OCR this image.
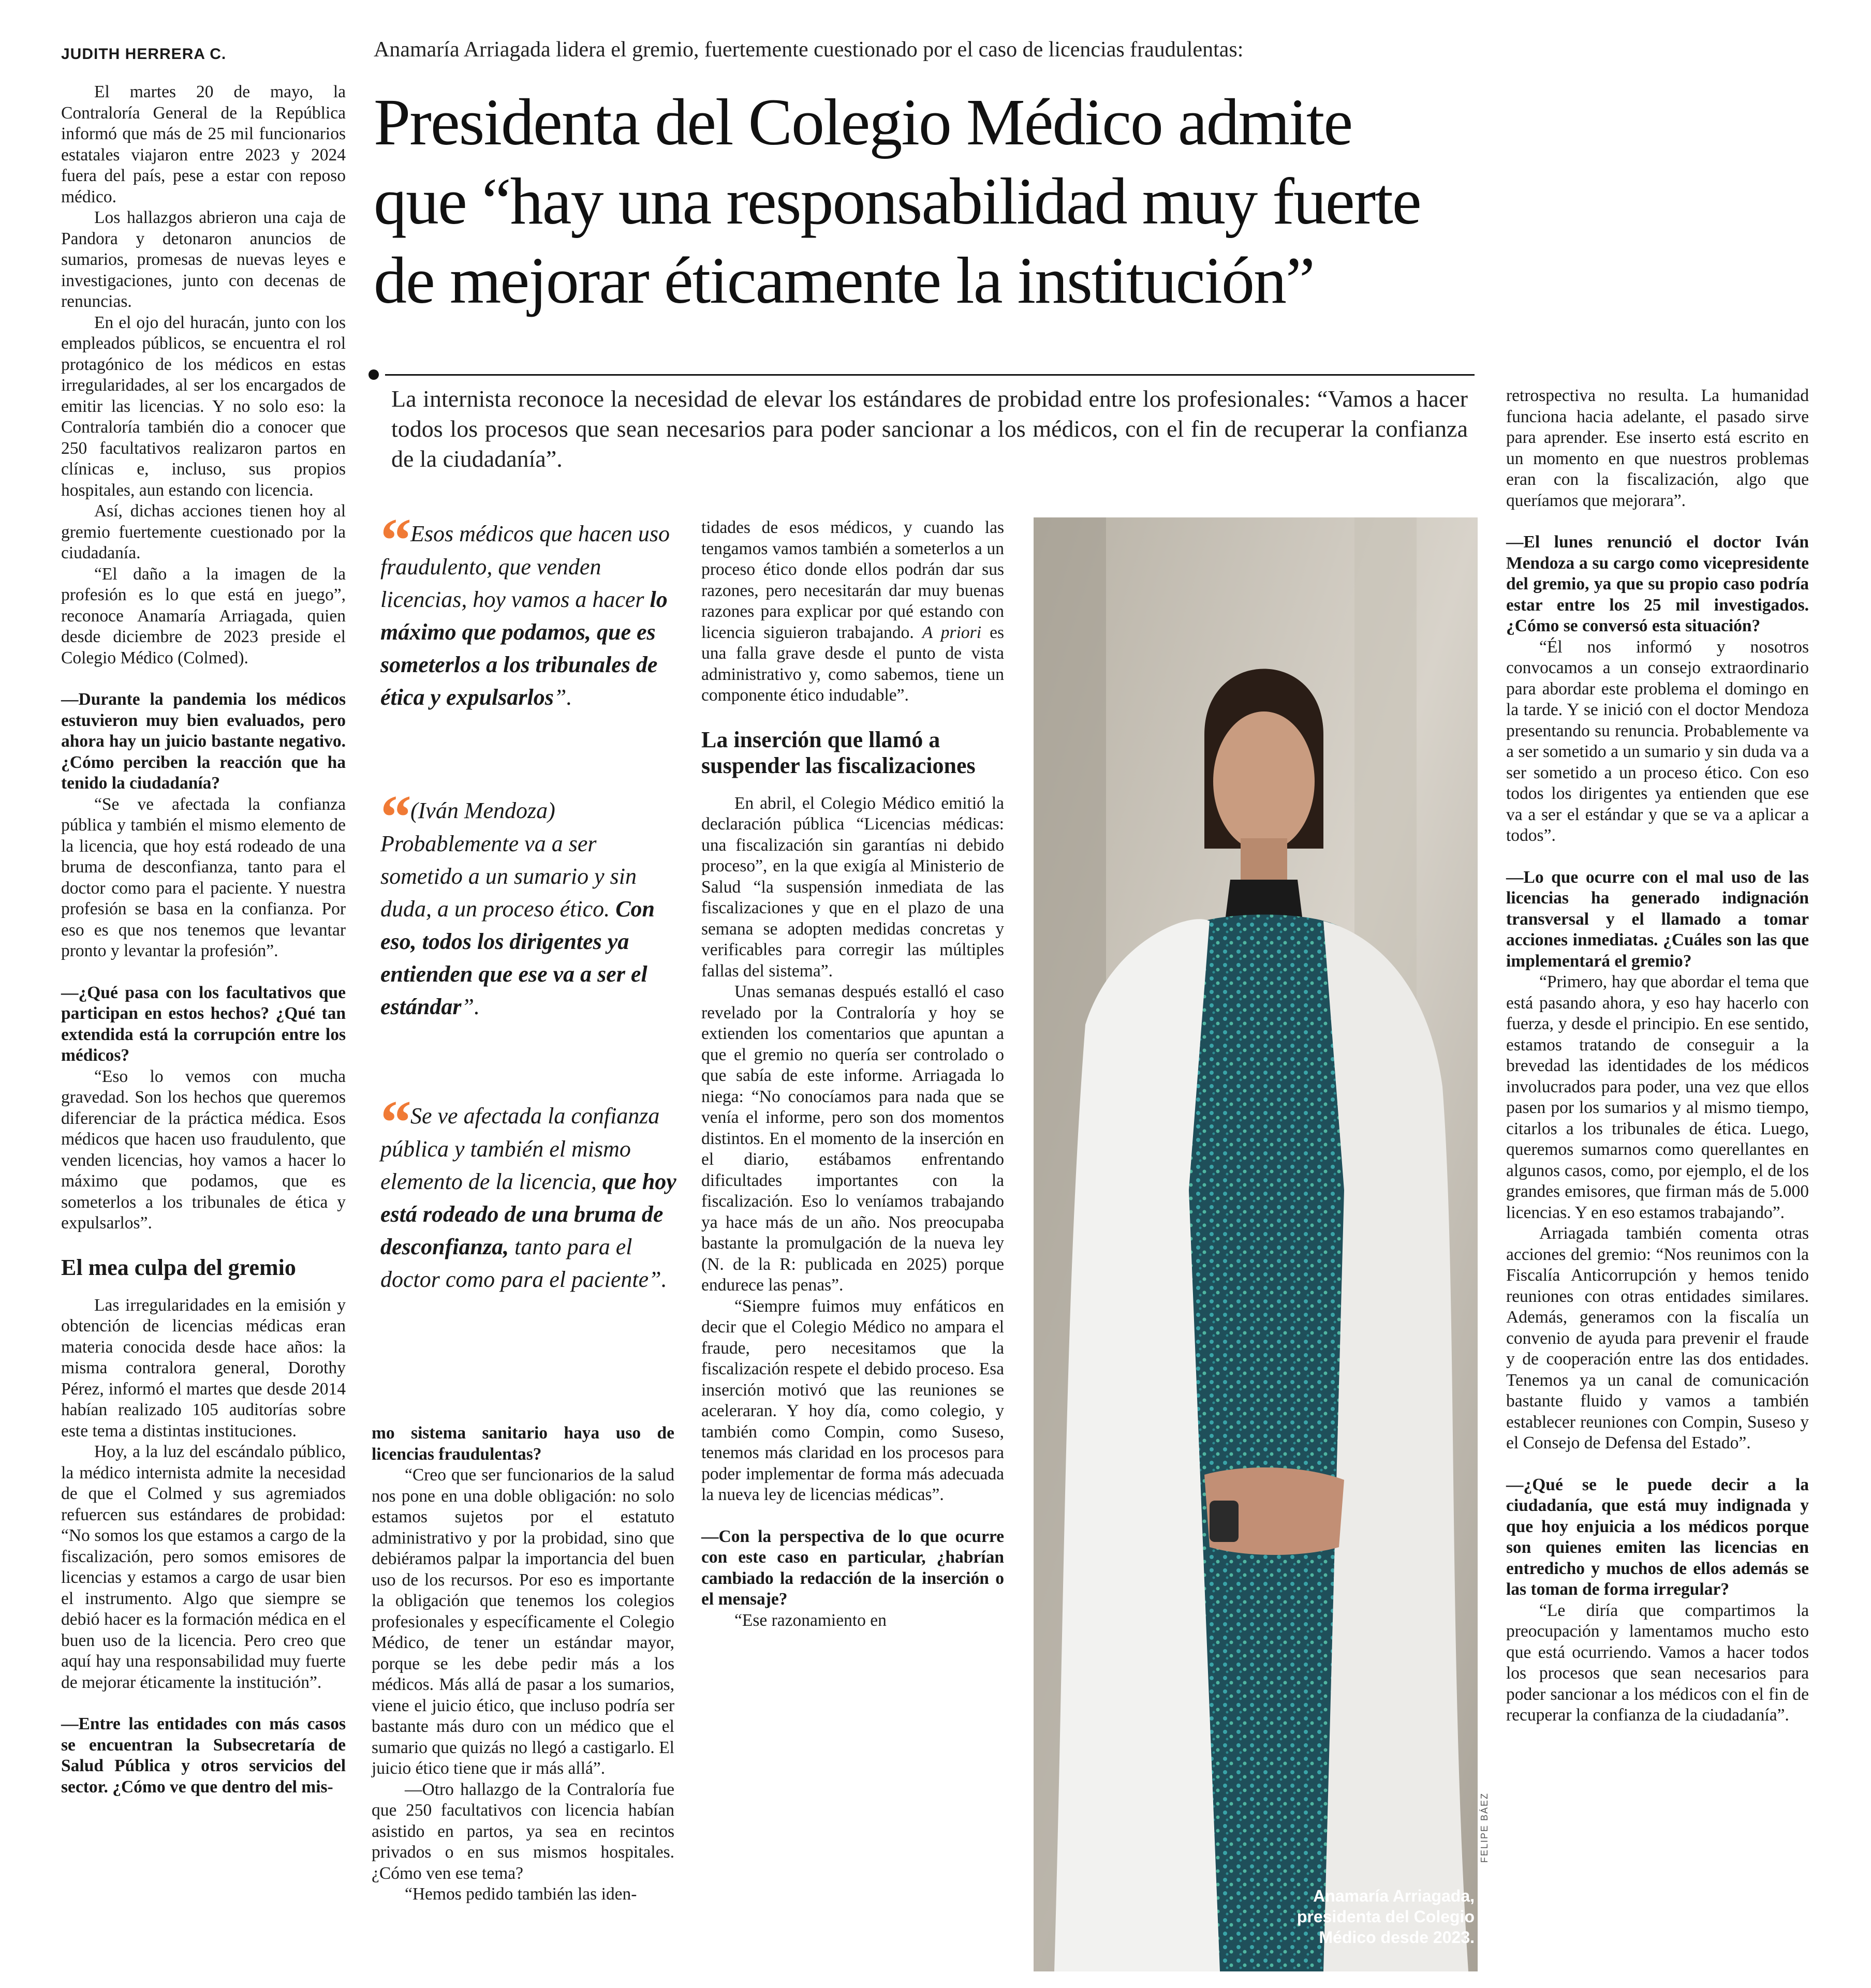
JUDITH HERRERA C.	Anamaría Arriagada lidera el gremio, fuertemente cuestionado por el caso de licencias fraudulentas:
Presidenta del Colegio Médico admite
que “hay una responsabilidad muy fuerte
de mejorar éticamente la institución”
La internista reconoce la necesidad de elevar los estándares de probidad entre los profesionales: “Vamos a hacer todos los procesos que sean necesarios para poder sancionar a los médicos, con el fin de recuperar la confianza de la ciudadanía”.

El martes 20 de mayo, la Contraloría General de la República informó que más de 25 mil funcionarios estatales viajaron entre 2023 y 2024 fuera del país, pese a estar con reposo médico.

Los hallazgos abrieron una caja de Pandora y detonaron anuncios de sumarios, promesas de nuevas leyes e investigaciones, junto con decenas de renuncias.

En el ojo del huracán, junto con los empleados públicos, se encuentra el rol protagónico de los médicos en estas irregularidades, al ser los encargados de emitir las licencias. Y no solo eso: la Contraloría también dio a conocer que 250 facultativos realizaron partos en clínicas e, incluso, sus propios hospitales, aun estando con licencia.

Así, dichas acciones tienen hoy al gremio fuertemente cuestionado por la ciudadanía.

“El daño a la imagen de la profesión es lo que está en juego”, reconoce Anamaría Arriagada, quien desde diciembre de 2023 preside el Colegio Médico (Colmed).

—Durante la pandemia los médicos estuvieron muy bien evaluados, pero ahora hay un juicio bastante negativo. ¿Cómo perciben la reacción que ha tenido la ciudadanía?

“Se ve afectada la confianza pública y también el mismo elemento de la licencia, que hoy está rodeado de una bruma de desconfianza, tanto para el doctor como para el paciente. Y nuestra profesión se basa en la confianza. Por eso es que nos tenemos que levantar pronto y levantar la profesión”.

—¿Qué pasa con los facultativos que participan en estos hechos? ¿Qué tan extendida está la corrupción entre los médicos?

“Eso lo vemos con mucha gravedad. Son los hechos que queremos diferenciar de la práctica médica. Esos médicos que hacen uso fraudulento, que venden licencias, hoy vamos a hacer lo máximo que podamos, que es someterlos a los tribunales de ética y expulsarlos”.

El mea culpa del gremio

Las irregularidades en la emisión y obtención de licencias médicas eran materia conocida desde hace años: la misma contralora general, Dorothy Pérez, informó el martes que desde 2014 habían realizado 105 auditorías sobre este tema a distintas instituciones.

Hoy, a la luz del escándalo público, la médico internista admite la necesidad de que el Colmed y sus agremiados refuercen sus estándares de probidad: “No somos los que estamos a cargo de la fiscalización, pero somos emisores de licencias y estamos a cargo de usar bien el instrumento. Algo que siempre se debió hacer es la formación médica en el buen uso de la licencia. Pero creo que aquí hay una responsabilidad muy fuerte de mejorar éticamente la institución”.

—Entre las entidades con más casos se encuentran la Subsecretaría de Salud Pública y otros servicios del sector. ¿Cómo ve que dentro del mis-

“ Esos médicos que hacen uso fraudulento, que venden licencias, hoy vamos a hacer lo máximo que podamos, que es someterlos a los tribunales de ética y expulsarlos”.
“ (Iván Mendoza) Probablemente va a ser sometido a un sumario y sin duda, a un proceso ético. Con eso, todos los dirigentes ya entienden que ese va a ser el estándar”.
“ Se ve afectada la confianza pública y también el mismo elemento de la licencia, que hoy está rodeado de una bruma de desconfianza, tanto para el doctor como para el paciente”.

mo sistema sanitario haya uso de licencias fraudulentas?

“Creo que ser funcionarios de la salud nos pone en una doble obligación: no solo estamos sujetos por el estatuto administrativo y por la probidad, sino que debiéramos palpar la importancia del buen uso de los recursos. Por eso es importante la obligación que tenemos los colegios profesionales y específicamente el Colegio Médico, de tener un estándar mayor, porque se les debe pedir más a los médicos. Más allá de pasar a los sumarios, viene el juicio ético, que incluso podría ser bastante más duro con un médico que el sumario que quizás no llegó a castigarlo. El juicio ético tiene que ir más allá”.

—Otro hallazgo de la Contraloría fue que 250 facultativos con licencia habían asistido en partos, ya sea en recintos privados o en sus mismos hospitales. ¿Cómo ven ese tema?

“Hemos pedido también las iden-

tidades de esos médicos, y cuando las tengamos vamos también a someterlos a un proceso ético donde ellos podrán dar sus razones, pero necesitarán dar muy buenas razones para explicar por qué estando con licencia siguieron trabajando. A priori es una falla grave desde el punto de vista administrativo y, como sabemos, tiene un componente ético indudable”.

La inserción que llamó a suspender las fiscalizaciones

En abril, el Colegio Médico emitió la declaración pública “Licencias médicas: una fiscalización sin garantías ni debido proceso”, en la que exigía al Ministerio de Salud “la suspensión inmediata de las fiscalizaciones y que en el plazo de una semana se adopten medidas concretas y verificables para corregir las múltiples fallas del sistema”.

Unas semanas después estalló el caso revelado por la Contraloría y hoy se extienden los comentarios que apuntan a que el gremio no quería ser controlado o que sabía de este informe. Arriagada lo niega: “No conocíamos para nada que se venía el informe, pero son dos momentos distintos. En el momento de la inserción en el diario, estábamos enfrentando dificultades importantes con la fiscalización. Eso lo veníamos trabajando ya hace más de un año. Nos preocupaba bastante la promulgación de la nueva ley (N. de la R: publicada en 2025) porque endurece las penas”.

“Siempre fuimos muy enfáticos en decir que el Colegio Médico no ampara el fraude, pero necesitamos que la fiscalización respete el debido proceso. Esa inserción motivó que las reuniones se aceleraran. Y hoy día, como colegio, y también como Compin, como Suseso, tenemos más claridad en los procesos para poder implementar de forma más adecuada la nueva ley de licencias médicas”.

—Con la perspectiva de lo que ocurre con este caso en particular, ¿habrían cambiado la redacción de la inserción o el mensaje?

“Ese razonamiento en

Anamaría Arriagada,
presidenta del Colegio
Médico desde 2023.
FELIPE BÁEZ

retrospectiva no resulta. La humanidad funciona hacia adelante, el pasado sirve para aprender. Ese inserto está escrito en un momento en que nuestros problemas eran con la fiscalización, algo que queríamos que mejorara”.

—El lunes renunció el doctor Iván Mendoza a su cargo como vicepresidente del gremio, ya que su propio caso podría estar entre los 25 mil investigados. ¿Cómo se conversó esta situación?

“Él nos informó y nosotros convocamos a un consejo extraordinario para abordar este problema el domingo en la tarde. Y se inició con el doctor Mendoza presentando su renuncia. Probablemente va a ser sometido a un sumario y sin duda va a ser sometido a un proceso ético. Con eso todos los dirigentes ya entienden que ese va a ser el estándar y que se va a aplicar a todos”.

—Lo que ocurre con el mal uso de las licencias ha generado indignación transversal y el llamado a tomar acciones inmediatas. ¿Cuáles son las que implementará el gremio?

“Primero, hay que abordar el tema que está pasando ahora, y eso hay hacerlo con fuerza, y desde el principio. En ese sentido, estamos tratando de conseguir a la brevedad las identidades de los médicos involucrados para poder, una vez que ellos pasen por los sumarios y al mismo tiempo, citarlos a los tribunales de ética. Luego, queremos sumarnos como querellantes en algunos casos, como, por ejemplo, el de los grandes emisores, que firman más de 5.000 licencias. Y en eso estamos trabajando”.

Arriagada también comenta otras acciones del gremio: “Nos reunimos con la Fiscalía Anticorrupción y hemos tenido reuniones con otras entidades similares. Además, generamos con la fiscalía un convenio de ayuda para prevenir el fraude y de cooperación entre las dos entidades. Tenemos ya un canal de comunicación bastante fluido y vamos a también establecer reuniones con Compin, Suseso y el Consejo de Defensa del Estado”.

—¿Qué se le puede decir a la ciudadanía, que está muy indignada y que hoy enjuicia a los médicos porque son quienes emiten las licencias en entredicho y muchos de ellos además se las toman de forma irregular?

“Le diría que compartimos la preocupación y lamentamos mucho esto que está ocurriendo. Vamos a hacer todos los procesos que sean necesarios para poder sancionar a los médicos con el fin de recuperar la confianza de la ciudadanía”.
